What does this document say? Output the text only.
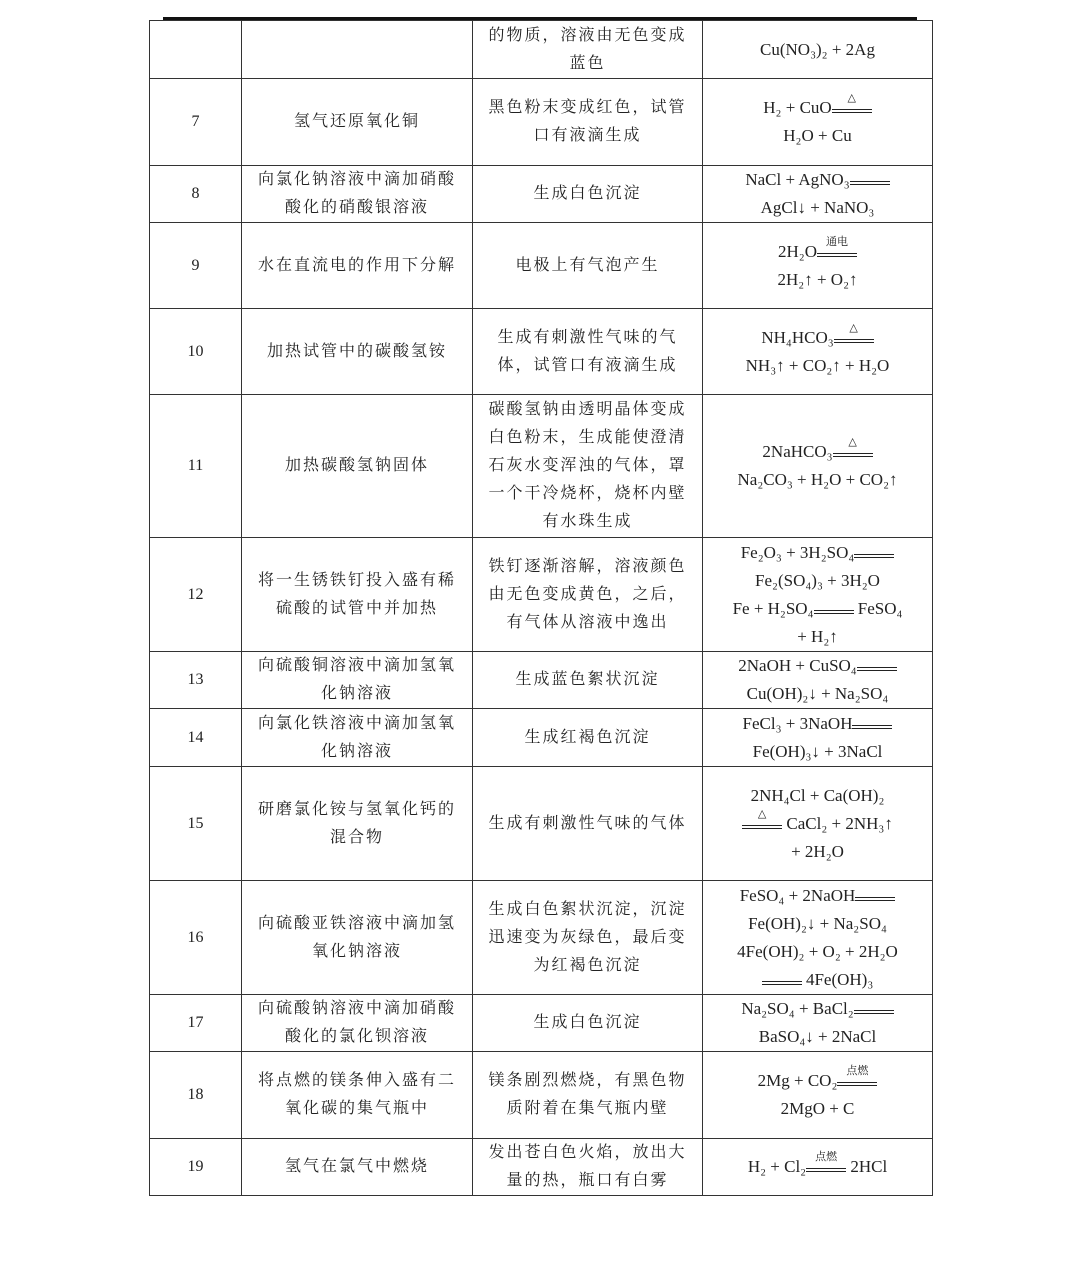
		的物质，溶液由无色变成蓝色	Cu(NO₃)₂ + 2Ag

7	氢气还原氧化铜	黑色粉末变成红色，试管口有液滴生成	H₂ + CuO △
H₂O + Cu

8	向氯化钠溶液中滴加硝酸酸化的硝酸银溶液	生成白色沉淀	NaCl + AgNO₃
AgCl↓ + NaNO₃

9	水在直流电的作用下分解	电极上有气泡产生	2H₂O 通电
2H₂↑ + O₂↑

10	加热试管中的碳酸氢铵	生成有刺激性气味的气体，试管口有液滴生成	NH₄HCO₃ △
NH₃↑ + CO₂↑ + H₂O

11	加热碳酸氢钠固体	碳酸氢钠由透明晶体变成白色粉末，生成能使澄清石灰水变浑浊的气体，罩一个干冷烧杯，烧杯内壁有水珠生成	2NaHCO₃ △
Na₂CO₃ + H₂O + CO₂↑

12	将一生锈铁钉投入盛有稀硫酸的试管中并加热	铁钉逐渐溶解，溶液颜色由无色变成黄色，之后，有气体从溶液中逸出	Fe₂O₃ + 3H₂SO₄
Fe₂(SO₄)₃ + 3H₂O
Fe + H₂SO₄
FeSO₄
+ H₂↑

13	向硫酸铜溶液中滴加氢氧化钠溶液	生成蓝色絮状沉淀	2NaOH + CuSO₄
Cu(OH)₂↓ + Na₂SO₄

14	向氯化铁溶液中滴加氢氧化钠溶液	生成红褐色沉淀	FeCl₃ + 3NaOH
Fe(OH)₃↓ + 3NaCl

15	研磨氯化铵与氢氧化钙的混合物	生成有刺激性气味的气体	2NH₄Cl + Ca(OH)₂
△ CaCl₂ + 2NH₃↑
+ 2H₂O

16	向硫酸亚铁溶液中滴加氢氧化钠溶液	生成白色絮状沉淀，沉淀迅速变为灰绿色，最后变为红褐色沉淀	FeSO₄ + 2NaOH
Fe(OH)₂↓ + Na₂SO₄
4Fe(OH)₂ + O₂ + 2H₂O
4Fe(OH)₃

17	向硫酸钠溶液中滴加硝酸酸化的氯化钡溶液	生成白色沉淀	Na₂SO₄ + BaCl₂
BaSO₄↓ + 2NaCl

18	将点燃的镁条伸入盛有二氧化碳的集气瓶中	镁条剧烈燃烧，有黑色物质附着在集气瓶内壁	2Mg + CO₂ 点燃
2MgO + C

19	氢气在氯气中燃烧	发出苍白色火焰，放出大量的热，瓶口有白雾	H₂ + Cl₂ 点燃 2HCl
